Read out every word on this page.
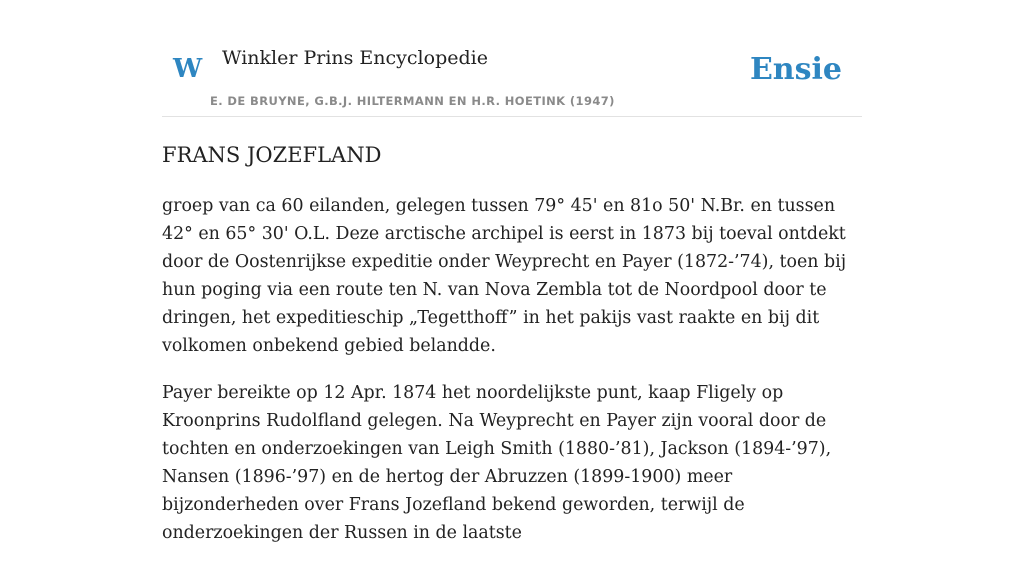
W Winkler Prins Encyclopedie
E. DE BRUYNE, G.B.J. HILTERMANN EN H.R. HOETINK (1947)
Ensie
FRANS JOZEFLAND

groep van ca 60 eilanden, gelegen tussen 79° 45' en 81o 50' N.Br. en tussen 42° en 65° 30' O.L. Deze arctische archipel is eerst in 1873 bij toeval ontdekt door de Oostenrijkse expeditie onder Weyprecht en Payer (1872-’74), toen bij hun poging via een route ten N. van Nova Zembla tot de Noordpool door te dringen, het expeditieschip „Tegetthoff” in het pakijs vast raakte en bij dit volkomen onbekend gebied belandde.

Payer bereikte op 12 Apr. 1874 het noordelijkste punt, kaap Fligely op Kroonprins Rudolfland gelegen. Na Weyprecht en Payer zijn vooral door de tochten en onderzoekingen van Leigh Smith (1880-’81), Jackson (1894-’97), Nansen (1896-’97) en de hertog der Abruzzen (1899-1900) meer bijzonderheden over Frans Jozefland bekend geworden, terwijl de onderzoekingen der Russen in de laatste
